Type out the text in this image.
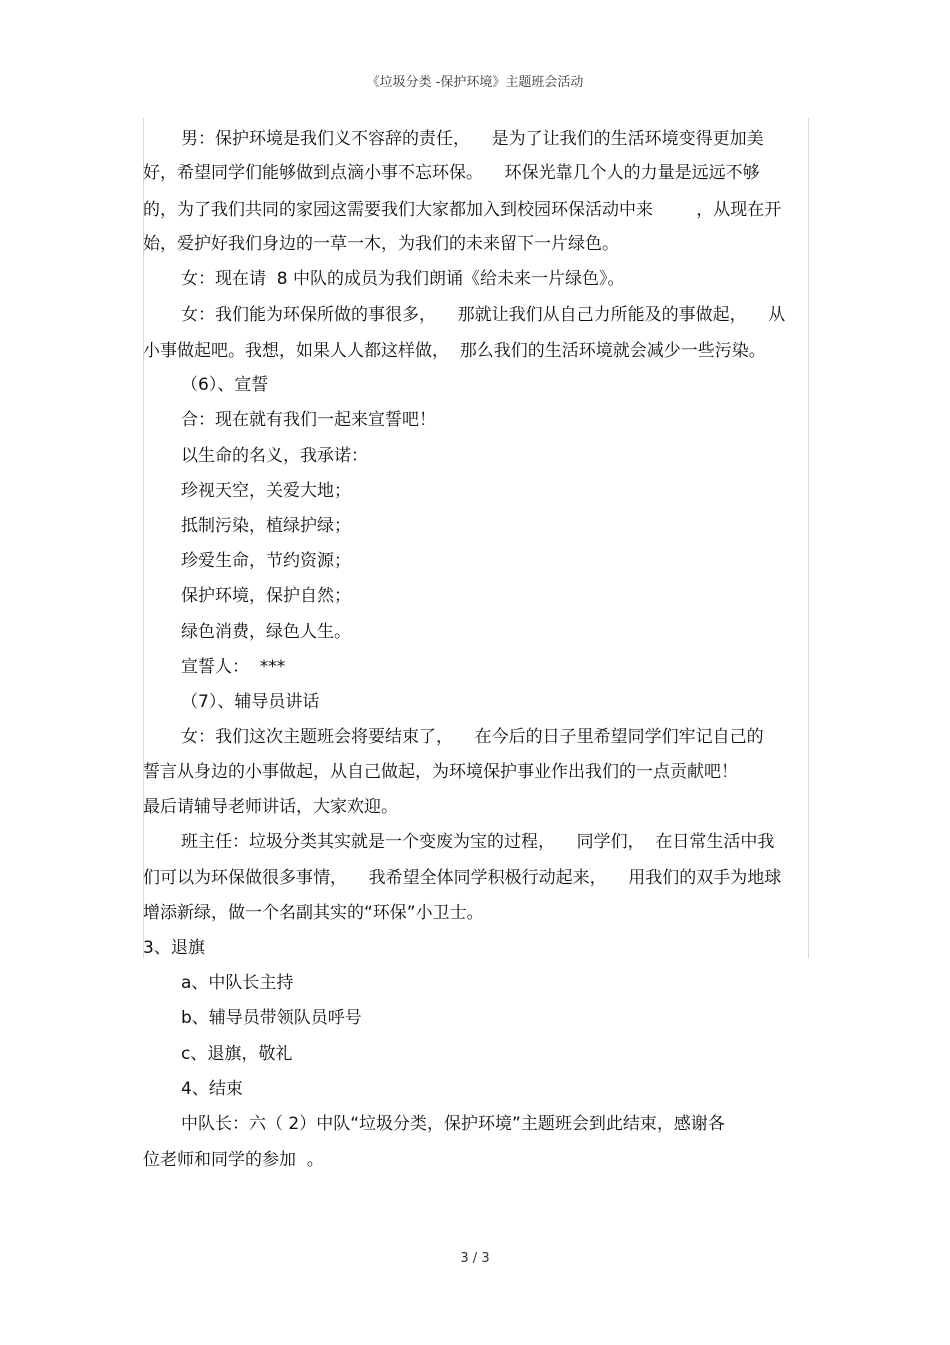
《垃圾分类 -保护环境》主题班会活动
男：保护环境是我们义不容辞的责任，    是为了让我们的生活环境变得更加美
好，希望同学们能够做到点滴小事不忘环保。    环保光靠几个人的力量是远远不够
的，为了我们共同的家园这需要我们大家都加入到校园环保活动中来        ，从现在开
始，爱护好我们身边的一草一木，为我们的未来留下一片绿色。
女：现在请  8 中队的成员为我们朗诵《给未来一片绿色》。
女：我们能为环保所做的事很多，    那就让我们从自己力所能及的事做起，    从
小事做起吧。我想，如果人人都这样做，  那么我们的生活环境就会减少一些污染。
（6）、宣誓
合：现在就有我们一起来宣誓吧！
以生命的名义，我承诺：
珍视天空，关爱大地；
抵制污染，植绿护绿；
珍爱生命，节约资源；
保护环境，保护自然；
绿色消费，绿色人生。
宣誓人：  ***
（7）、辅导员讲话
女：我们这次主题班会将要结束了，    在今后的日子里希望同学们牢记自己的
誓言从身边的小事做起，从自己做起，为环境保护事业作出我们的一点贡献吧！
最后请辅导老师讲话，大家欢迎。
班主任：垃圾分类其实就是一个变废为宝的过程，    同学们，  在日常生活中我
们可以为环保做很多事情，    我希望全体同学积极行动起来，    用我们的双手为地球
增添新绿，做一个名副其实的“环保”小卫士。
3、退旗
a、中队长主持
b、辅导员带领队员呼号
c、退旗，敬礼
4、结束
中队长：六（ 2）中队“垃圾分类，保护环境”主题班会到此结束，感谢各
位老师和同学的参加  。
3 / 3
